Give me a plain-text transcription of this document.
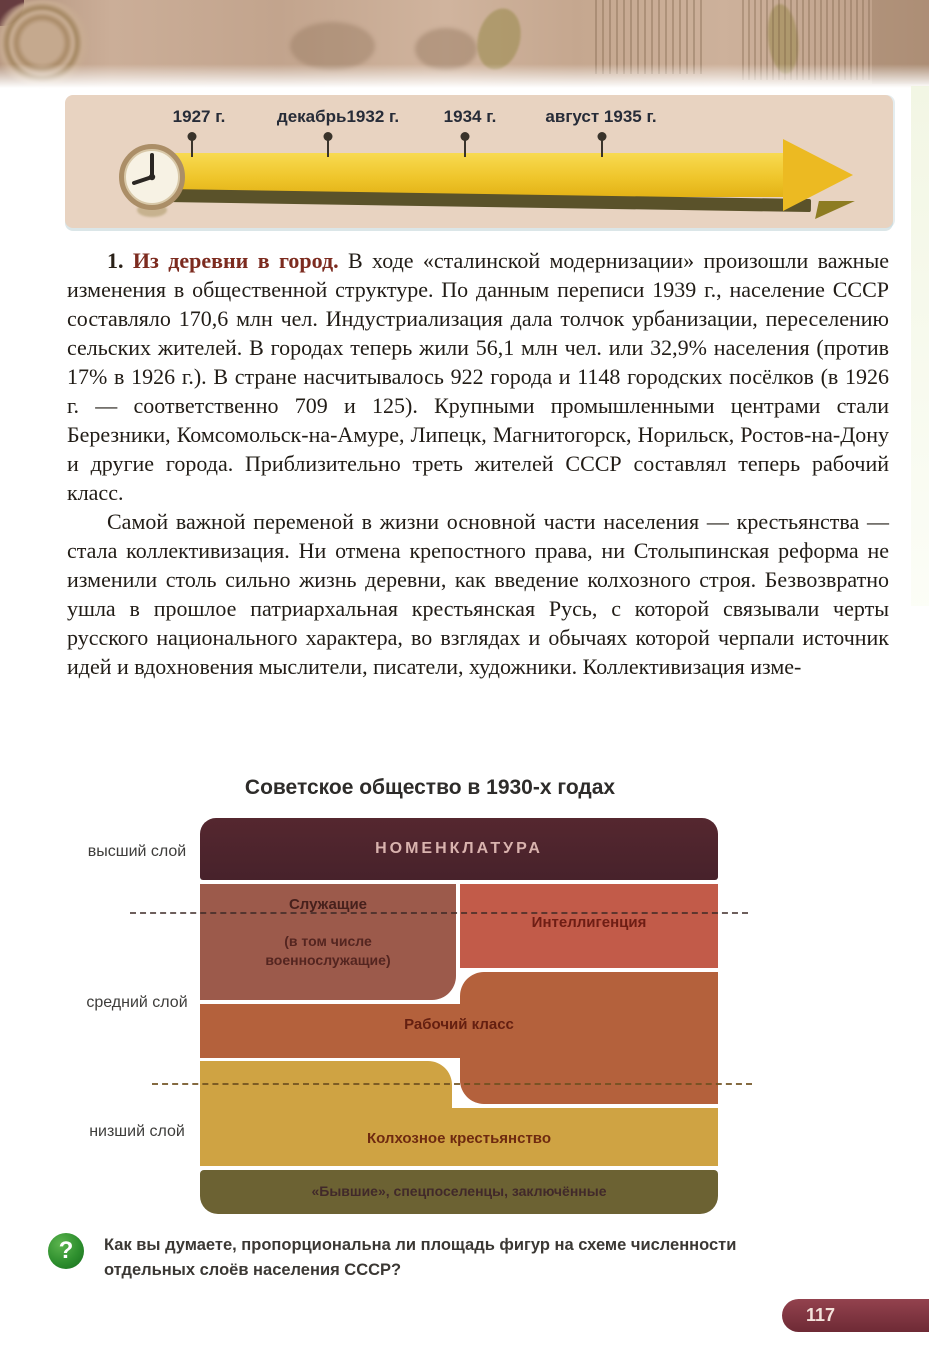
1927 г.	декабрь1932 г.	1934 г.	август 1935 г.

1. Из деревни в город. В ходе «сталинской модернизации» произошли важные изменения в общественной структуре. По данным переписи 1939 г., население СССР составляло 170,6 млн чел. Индустриализация дала толчок урбанизации, переселению сельских жителей. В городах теперь жили 56,1 млн чел. или 32,9% населения (против 17% в 1926 г.). В стране насчитывалось 922 города и 1148 городских посёлков (в 1926 г. — соответственно 709 и 125). Крупными промышленными центрами стали Березники, Комсомольск-на-Амуре, Липецк, Магнитогорск, Норильск, Ростов-на-Дону и другие города. Приблизительно треть жителей СССР составлял теперь рабочий класс.

Самой важной переменой в жизни основной части населения — крестьянства — стала коллективизация. Ни отмена крепостного права, ни Столыпинская реформа не изменили столь сильно жизнь деревни, как введение колхозного строя. Безвозвратно ушла в прошлое патриархальная крестьянская Русь, с которой связывали черты русского национального характера, во взглядах и обычаях которой черпали источник идей и вдохновения мыслители, писатели, художники. Коллективизация изме-

Советское общество в 1930-х годах
высший слой
средний слой
низший слой
НОМЕНКЛАТУРА
Служащие
(в том числе военнослужащие)
Интеллигенция
Рабочий класс
Колхозное крестьянство
«Бывшие», спецпоселенцы, заключённые
?	Как вы думаете, пропорциональна ли площадь фигур на схеме численности отдельных слоёв населения СССР?
117
